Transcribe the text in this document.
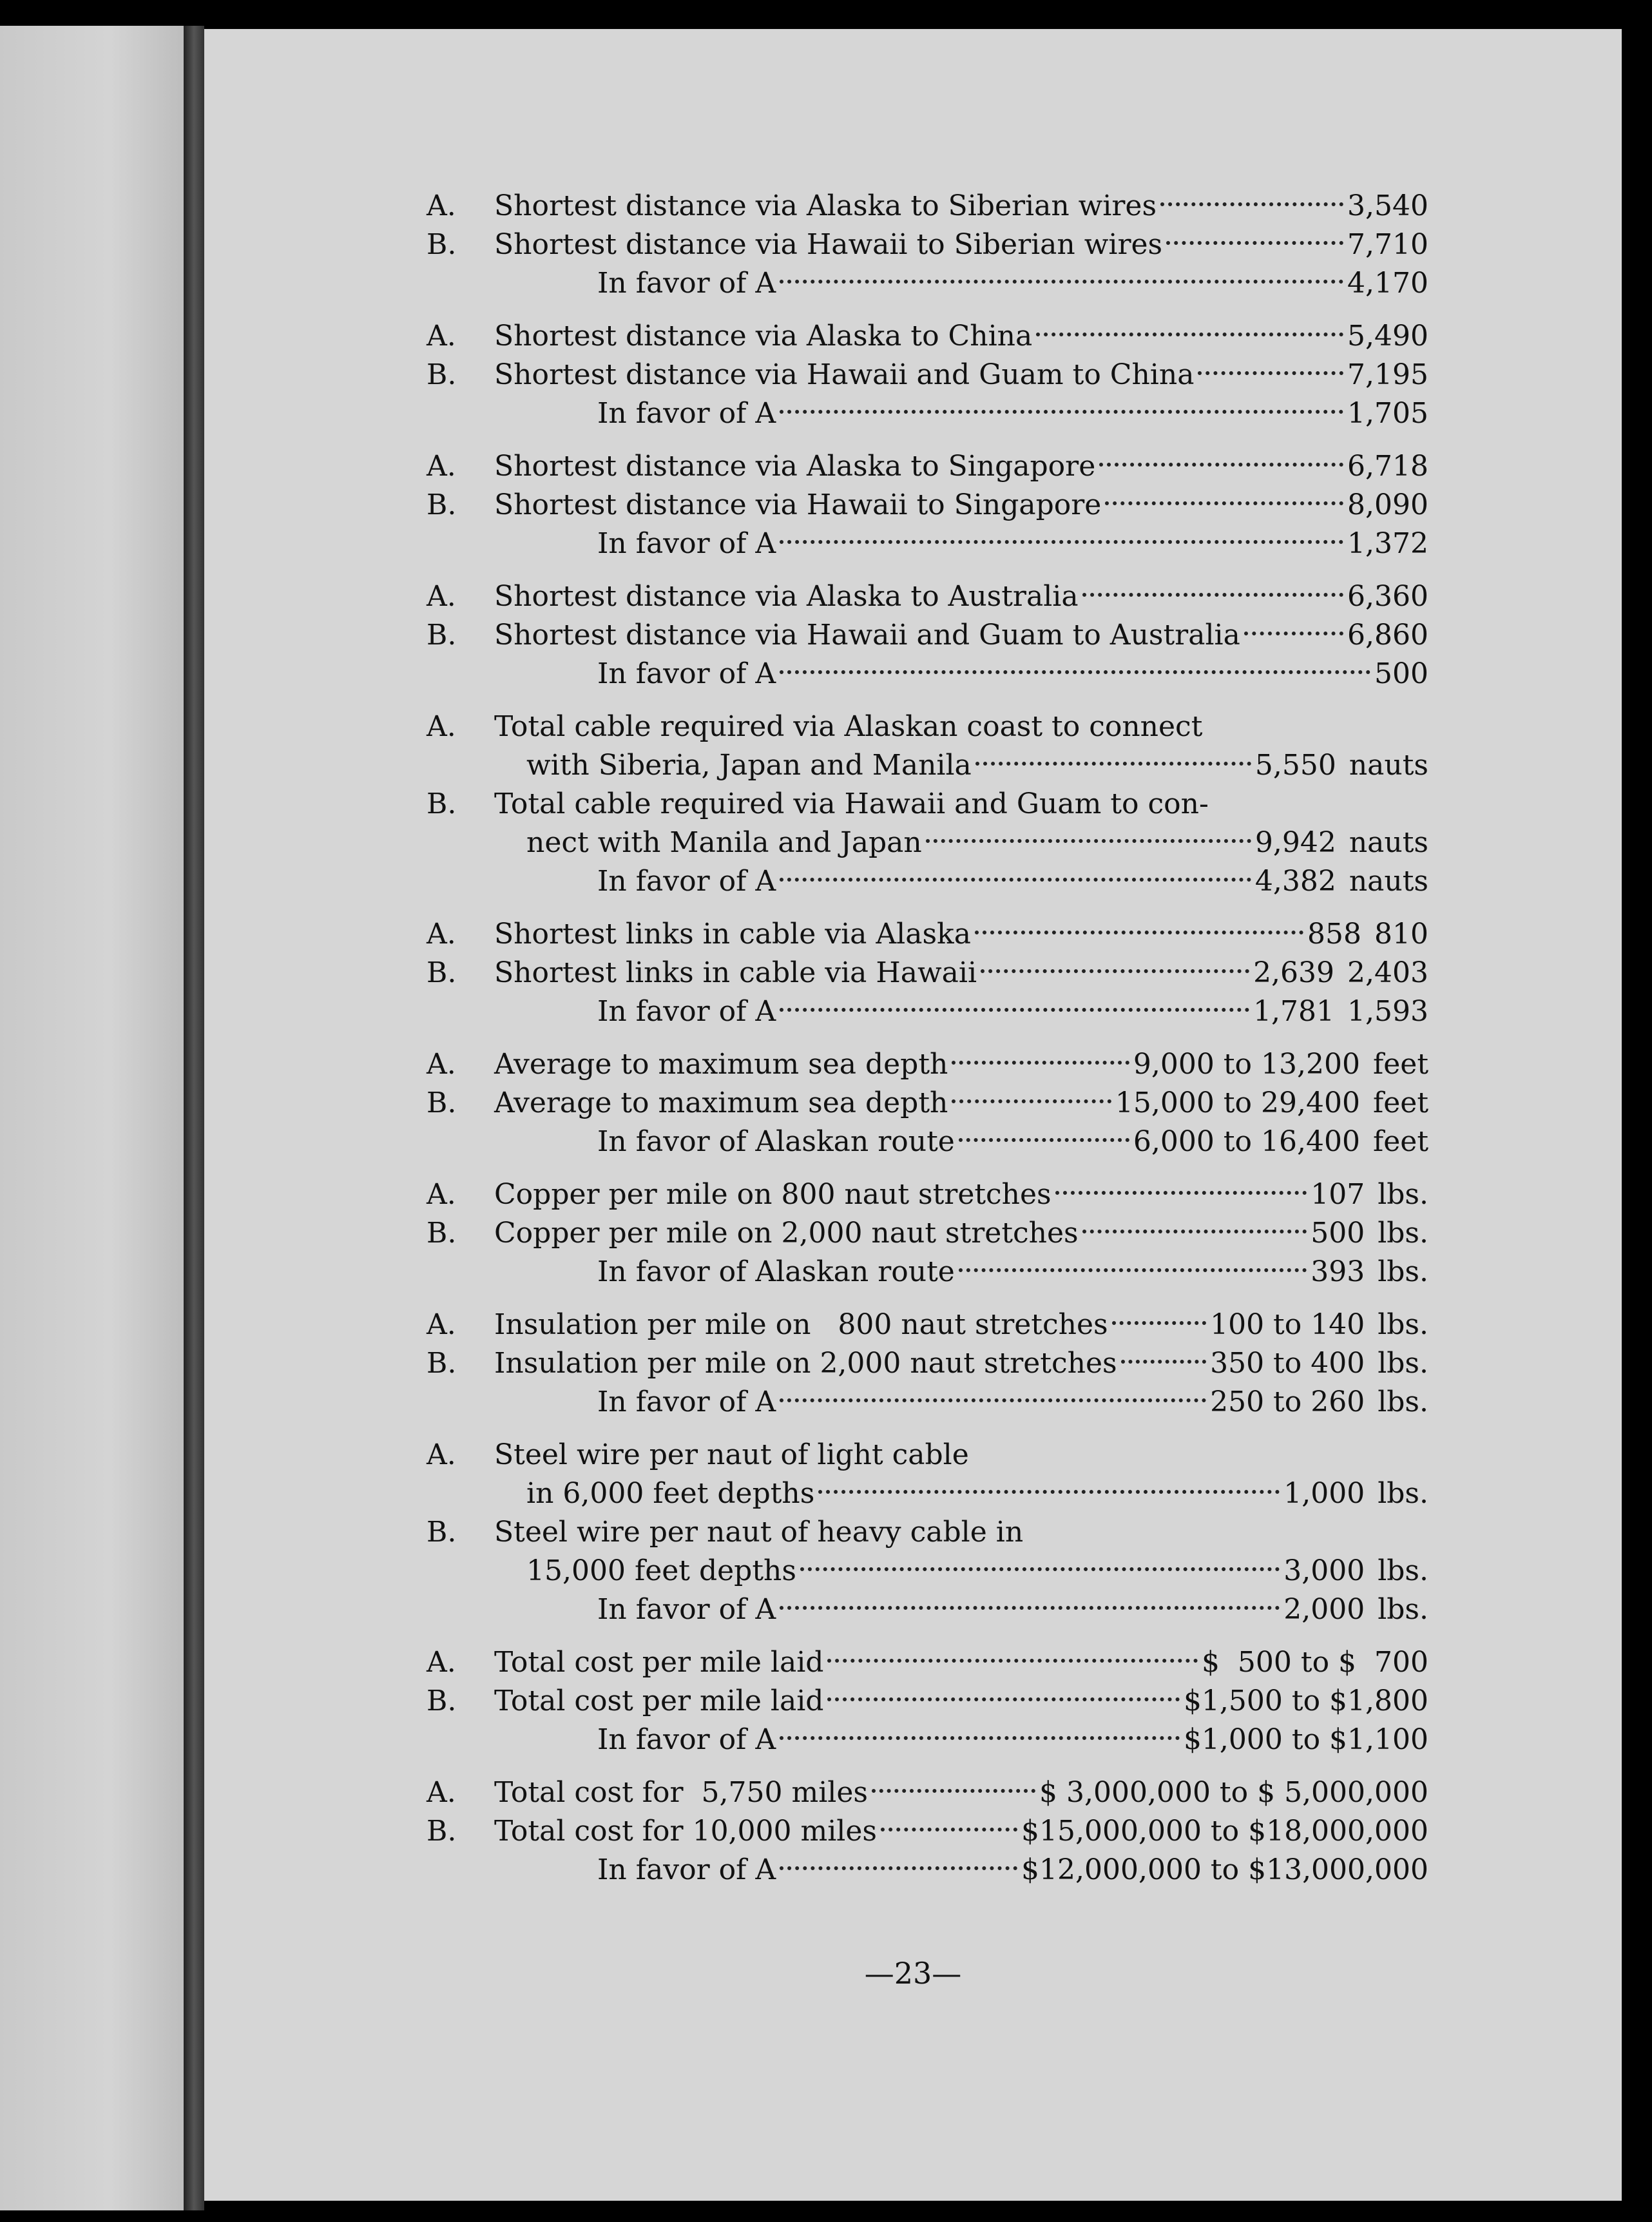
A.	Shortest distance via Alaska to Siberian wires	3,540
B.	Shortest distance via Hawaii to Siberian wires	7,710
In favor of A	4,170
A.	Shortest distance via Alaska to China	5,490
B.	Shortest distance via Hawaii and Guam to China	7,195
In favor of A	1,705
A.	Shortest distance via Alaska to Singapore	6,718
B.	Shortest distance via Hawaii to Singapore	8,090
In favor of A	1,372
A.	Shortest distance via Alaska to Australia	6,360
B.	Shortest distance via Hawaii and Guam to Australia	6,860
In favor of A	500
A.	Total cable required via Alaskan coast to connect
with Siberia, Japan and Manila	5,550 nauts
B.	Total cable required via Hawaii and Guam to con-
nect with Manila and Japan	9,942 nauts
In favor of A	4,382 nauts
A.	Shortest links in cable via Alaska	858 810
B.	Shortest links in cable via Hawaii	2,639 2,403
In favor of A	1,781 1,593
A.	Average to maximum sea depth	9,000 to 13,200 feet
B.	Average to maximum sea depth	15,000 to 29,400 feet
In favor of Alaskan route	6,000 to 16,400 feet
A.	Copper per mile on 800 naut stretches	107 lbs.
B.	Copper per mile on 2,000 naut stretches	500 lbs.
In favor of Alaskan route	393 lbs.
A.	Insulation per mile on   800 naut stretches	100 to 140 lbs.
B.	Insulation per mile on 2,000 naut stretches	350 to 400 lbs.
In favor of A	250 to 260 lbs.
A.	Steel wire per naut of light cable
in 6,000 feet depths	1,000 lbs.
B.	Steel wire per naut of heavy cable in
15,000 feet depths	3,000 lbs.
In favor of A	2,000 lbs.
A.	Total cost per mile laid	$  500 to $  700
B.	Total cost per mile laid	$1,500 to $1,800
In favor of A	$1,000 to $1,100
A.	Total cost for  5,750 miles	$ 3,000,000 to $ 5,000,000
B.	Total cost for 10,000 miles	$15,000,000 to $18,000,000
In favor of A	$12,000,000 to $13,000,000
—23—
